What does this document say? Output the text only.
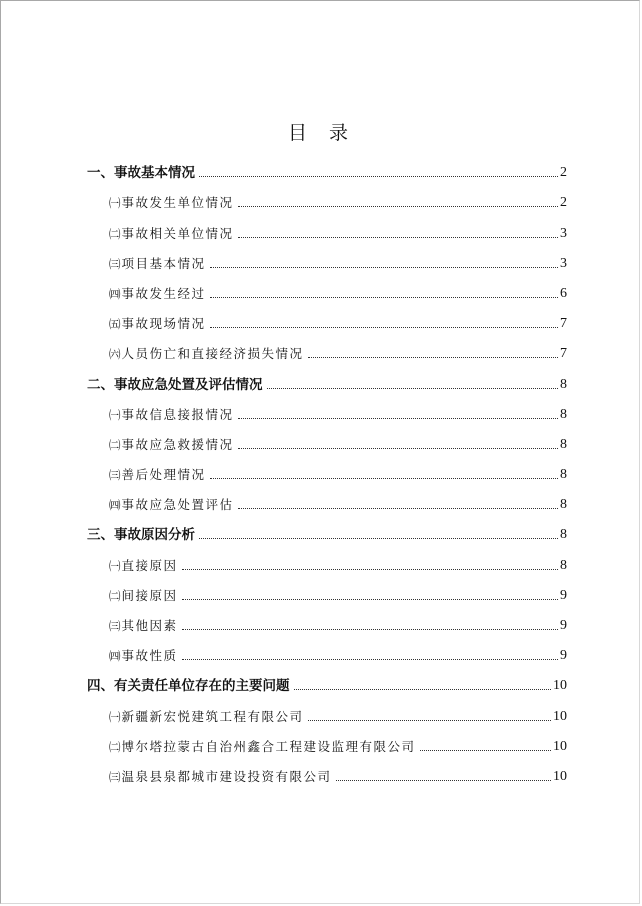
目 录
一、事故基本情况	2
㈠事故发生单位情况	2
㈡事故相关单位情况	3
㈢项目基本情况	3
㈣事故发生经过	6
㈤事故现场情况	7
㈥人员伤亡和直接经济损失情况	7
二、事故应急处置及评估情况	8
㈠事故信息接报情况	8
㈡事故应急救援情况	8
㈢善后处理情况	8
㈣事故应急处置评估	8
三、事故原因分析	8
㈠直接原因	8
㈡间接原因	9
㈢其他因素	9
㈣事故性质	9
四、有关责任单位存在的主要问题	10
㈠新疆新宏悦建筑工程有限公司	10
㈡博尔塔拉蒙古自治州鑫合工程建设监理有限公司	10
㈢温泉县泉都城市建设投资有限公司	10
